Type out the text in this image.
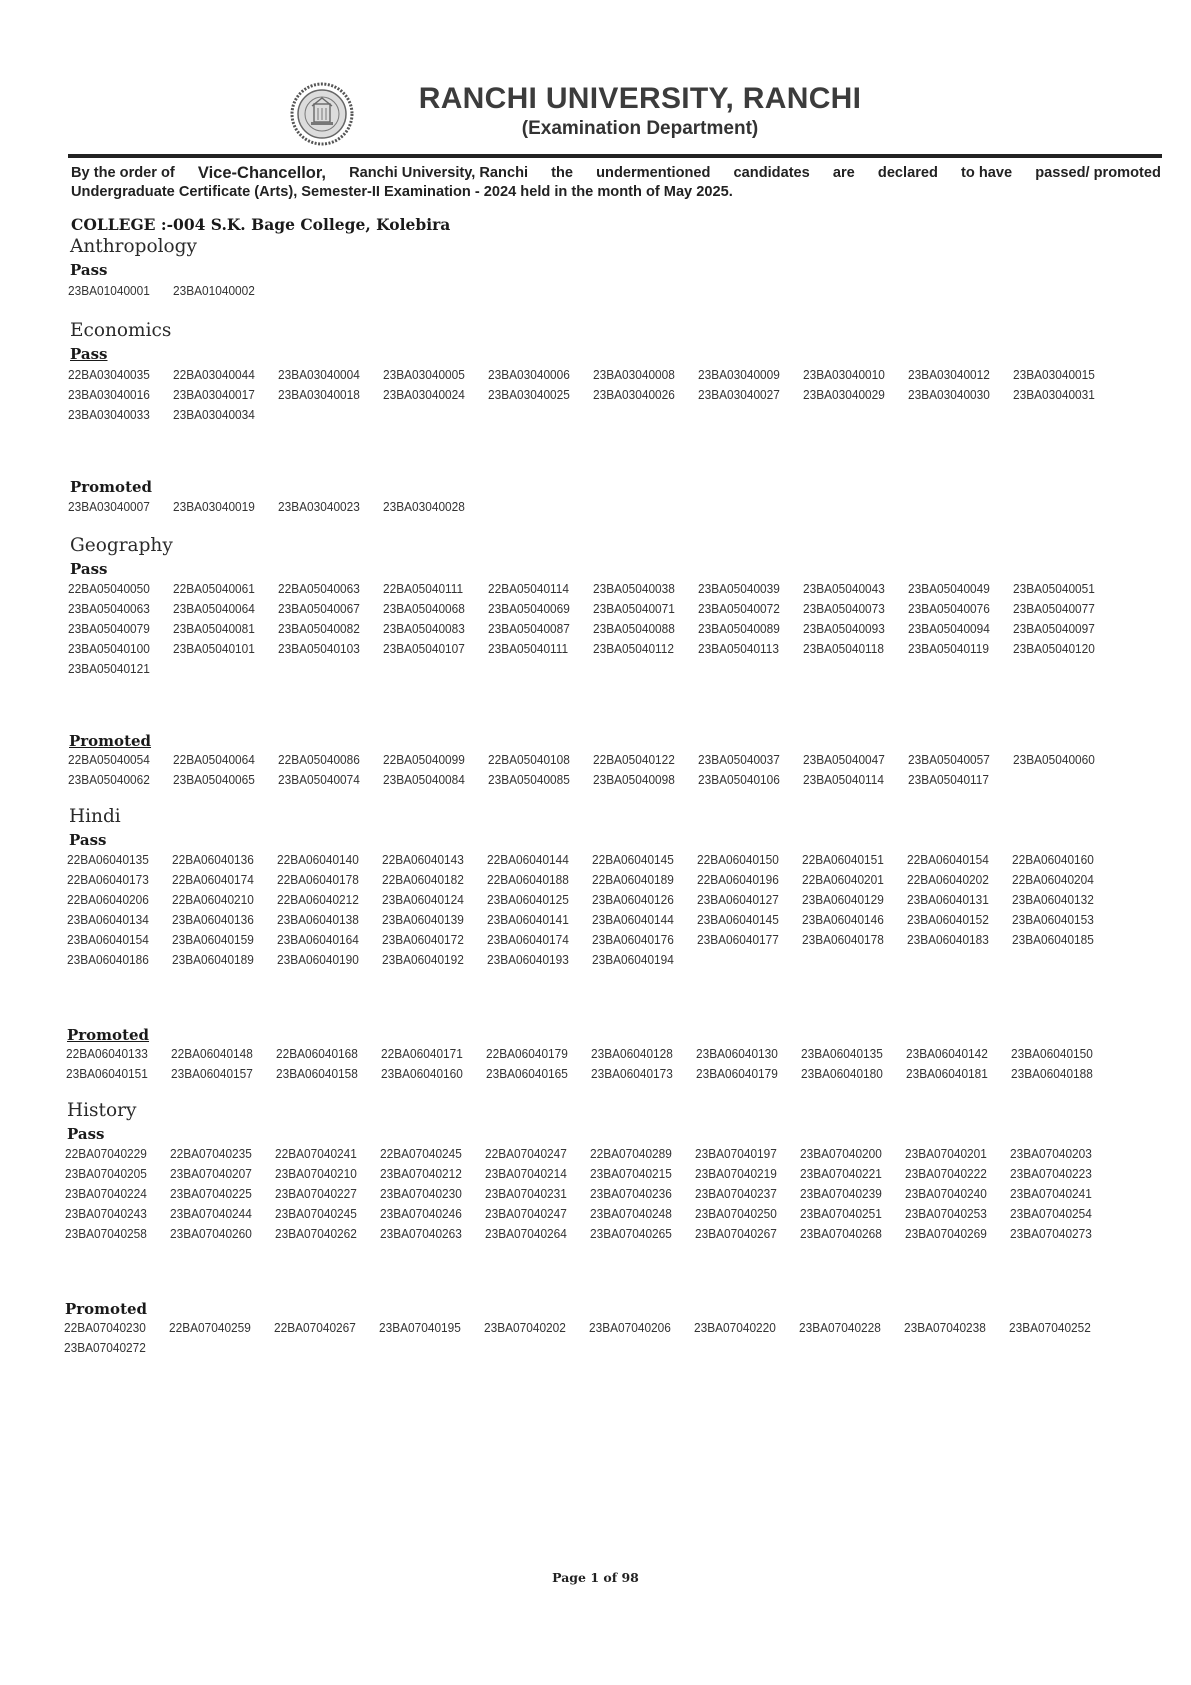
RANCHI UNIVERSITY, RANCHI
(Examination Department)
By the order of Vice-Chancellor, Ranchi University, Ranchi the undermentioned candidates are declared to have passed/ promoted
Undergraduate Certificate (Arts), Semester-II Examination - 2024 held in the month of May 2025.
COLLEGE :-004 S.K. Bage College, Kolebira
Anthropology
Pass
23BA01040001	23BA01040002
Economics
Pass
22BA03040035	22BA03040044	23BA03040004	23BA03040005	23BA03040006	23BA03040008	23BA03040009	23BA03040010	23BA03040012	23BA03040015
23BA03040016	23BA03040017	23BA03040018	23BA03040024	23BA03040025	23BA03040026	23BA03040027	23BA03040029	23BA03040030	23BA03040031
23BA03040033	23BA03040034
Promoted
23BA03040007	23BA03040019	23BA03040023	23BA03040028
Geography
Pass
22BA05040050	22BA05040061	22BA05040063	22BA05040111	22BA05040114	23BA05040038	23BA05040039	23BA05040043	23BA05040049	23BA05040051
23BA05040063	23BA05040064	23BA05040067	23BA05040068	23BA05040069	23BA05040071	23BA05040072	23BA05040073	23BA05040076	23BA05040077
23BA05040079	23BA05040081	23BA05040082	23BA05040083	23BA05040087	23BA05040088	23BA05040089	23BA05040093	23BA05040094	23BA05040097
23BA05040100	23BA05040101	23BA05040103	23BA05040107	23BA05040111	23BA05040112	23BA05040113	23BA05040118	23BA05040119	23BA05040120
23BA05040121
Promoted
22BA05040054	22BA05040064	22BA05040086	22BA05040099	22BA05040108	22BA05040122	23BA05040037	23BA05040047	23BA05040057	23BA05040060
23BA05040062	23BA05040065	23BA05040074	23BA05040084	23BA05040085	23BA05040098	23BA05040106	23BA05040114	23BA05040117
Hindi
Pass
22BA06040135	22BA06040136	22BA06040140	22BA06040143	22BA06040144	22BA06040145	22BA06040150	22BA06040151	22BA06040154	22BA06040160
22BA06040173	22BA06040174	22BA06040178	22BA06040182	22BA06040188	22BA06040189	22BA06040196	22BA06040201	22BA06040202	22BA06040204
22BA06040206	22BA06040210	22BA06040212	23BA06040124	23BA06040125	23BA06040126	23BA06040127	23BA06040129	23BA06040131	23BA06040132
23BA06040134	23BA06040136	23BA06040138	23BA06040139	23BA06040141	23BA06040144	23BA06040145	23BA06040146	23BA06040152	23BA06040153
23BA06040154	23BA06040159	23BA06040164	23BA06040172	23BA06040174	23BA06040176	23BA06040177	23BA06040178	23BA06040183	23BA06040185
23BA06040186	23BA06040189	23BA06040190	23BA06040192	23BA06040193	23BA06040194
Promoted
22BA06040133	22BA06040148	22BA06040168	22BA06040171	22BA06040179	23BA06040128	23BA06040130	23BA06040135	23BA06040142	23BA06040150
23BA06040151	23BA06040157	23BA06040158	23BA06040160	23BA06040165	23BA06040173	23BA06040179	23BA06040180	23BA06040181	23BA06040188
History
Pass
22BA07040229	22BA07040235	22BA07040241	22BA07040245	22BA07040247	22BA07040289	23BA07040197	23BA07040200	23BA07040201	23BA07040203
23BA07040205	23BA07040207	23BA07040210	23BA07040212	23BA07040214	23BA07040215	23BA07040219	23BA07040221	23BA07040222	23BA07040223
23BA07040224	23BA07040225	23BA07040227	23BA07040230	23BA07040231	23BA07040236	23BA07040237	23BA07040239	23BA07040240	23BA07040241
23BA07040243	23BA07040244	23BA07040245	23BA07040246	23BA07040247	23BA07040248	23BA07040250	23BA07040251	23BA07040253	23BA07040254
23BA07040258	23BA07040260	23BA07040262	23BA07040263	23BA07040264	23BA07040265	23BA07040267	23BA07040268	23BA07040269	23BA07040273
Promoted
22BA07040230	22BA07040259	22BA07040267	23BA07040195	23BA07040202	23BA07040206	23BA07040220	23BA07040228	23BA07040238	23BA07040252
23BA07040272
Page 1 of 98
